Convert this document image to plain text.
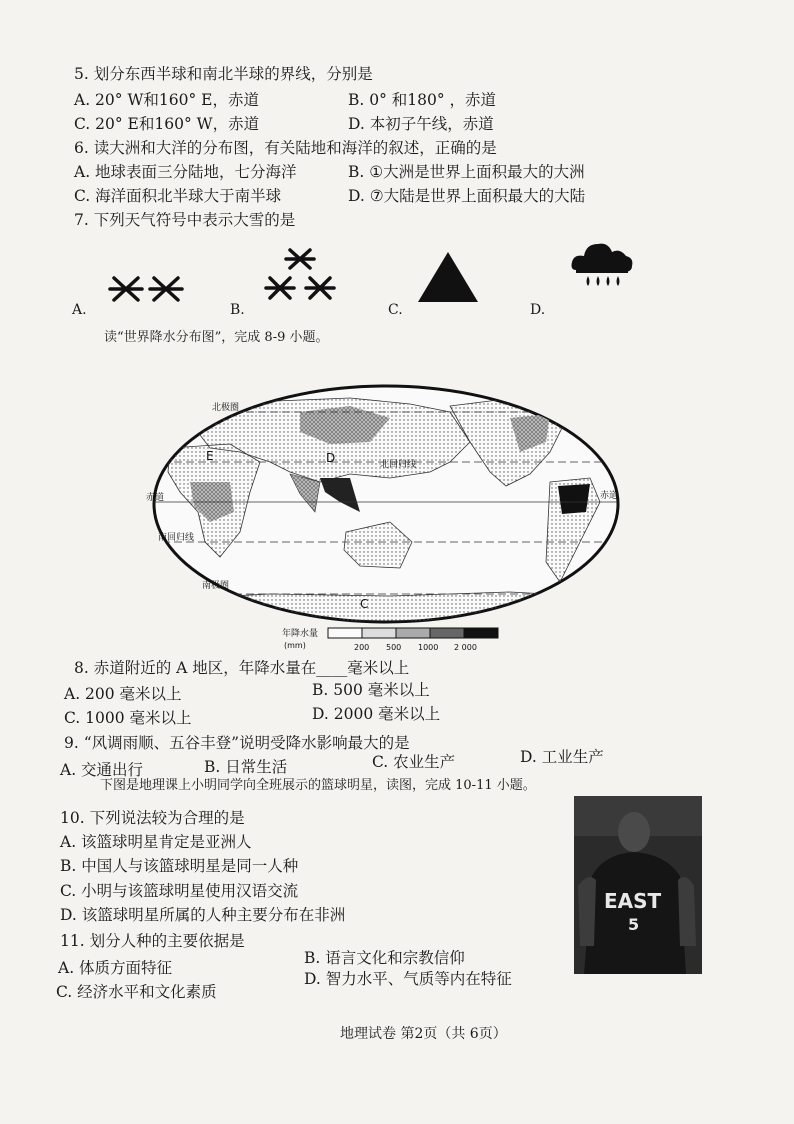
5. 划分东西半球和南北半球的界线，分别是
A. 20° W和160° E，赤道	B. 0° 和180° ，赤道
C. 20° E和160° W，赤道	D. 本初子午线，赤道
6. 读大洲和大洋的分布图，有关陆地和海洋的叙述，正确的是
A. 地球表面三分陆地，七分海洋	B. ①大洲是世界上面积最大的大洲
C. 海洋面积北半球大于南半球	D. ⑦大陆是世界上面积最大的大陆
7. 下列天气符号中表示大雪的是
A.	B.	C.	D.
读“世界降水分布图”，完成 8-9 小题。
北极圈
北回归线
赤道	赤道
南回归线
南极圈
A
D
C
E
年降水量
(mm)	200 500 1000 2 000
8. 赤道附近的 A 地区，年降水量在____毫米以上
A. 200 毫米以上	B. 500 毫米以上
C. 1000 毫米以上	D. 2000 毫米以上
9. “风调雨顺、五谷丰登”说明受降水影响最大的是
A. 交通出行	B. 日常生活	C. 农业生产	D. 工业生产
下图是地理课上小明同学向全班展示的篮球明星，读图，完成 10-11 小题。
10. 下列说法较为合理的是
A. 该篮球明星肯定是亚洲人
B. 中国人与该篮球明星是同一人种
C. 小明与该篮球明星使用汉语交流
D. 该篮球明星所属的人种主要分布在非洲
11. 划分人种的主要依据是
A. 体质方面特征
B. 语言文化和宗教信仰
C. 经济水平和文化素质
D. 智力水平、气质等内在特征
EAST
5
地理试卷 第2页（共 6页）
